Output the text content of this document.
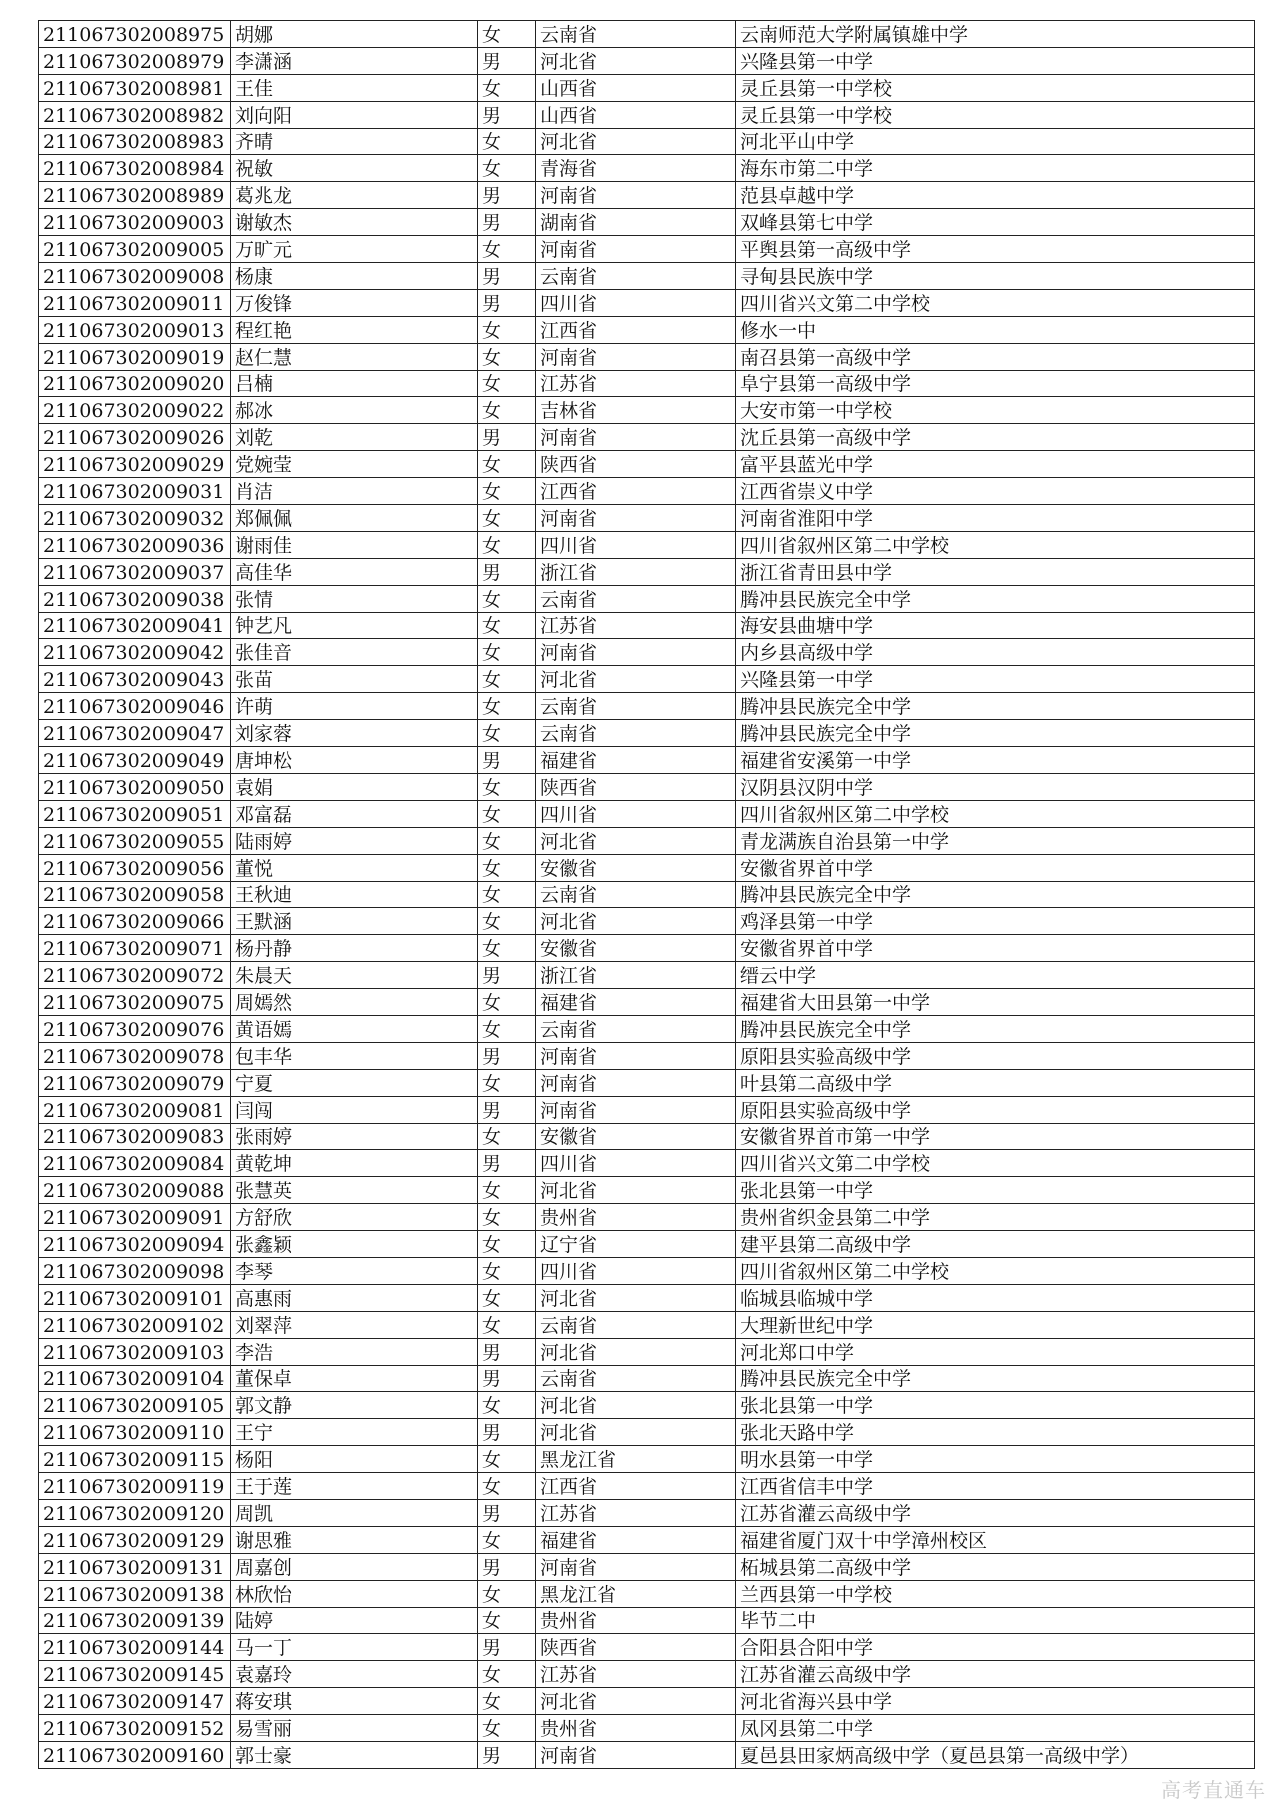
211067302008975	胡娜	女	云南省	云南师范大学附属镇雄中学
211067302008979	李潇涵	男	河北省	兴隆县第一中学
211067302008981	王佳	女	山西省	灵丘县第一中学校
211067302008982	刘向阳	男	山西省	灵丘县第一中学校
211067302008983	齐晴	女	河北省	河北平山中学
211067302008984	祝敏	女	青海省	海东市第二中学
211067302008989	葛兆龙	男	河南省	范县卓越中学
211067302009003	谢敏杰	男	湖南省	双峰县第七中学
211067302009005	万旷元	女	河南省	平舆县第一高级中学
211067302009008	杨康	男	云南省	寻甸县民族中学
211067302009011	万俊锋	男	四川省	四川省兴文第二中学校
211067302009013	程红艳	女	江西省	修水一中
211067302009019	赵仁慧	女	河南省	南召县第一高级中学
211067302009020	吕楠	女	江苏省	阜宁县第一高级中学
211067302009022	郝冰	女	吉林省	大安市第一中学校
211067302009026	刘乾	男	河南省	沈丘县第一高级中学
211067302009029	党婉莹	女	陕西省	富平县蓝光中学
211067302009031	肖洁	女	江西省	江西省崇义中学
211067302009032	郑佩佩	女	河南省	河南省淮阳中学
211067302009036	谢雨佳	女	四川省	四川省叙州区第二中学校
211067302009037	高佳华	男	浙江省	浙江省青田县中学
211067302009038	张情	女	云南省	腾冲县民族完全中学
211067302009041	钟艺凡	女	江苏省	海安县曲塘中学
211067302009042	张佳音	女	河南省	内乡县高级中学
211067302009043	张苗	女	河北省	兴隆县第一中学
211067302009046	许萌	女	云南省	腾冲县民族完全中学
211067302009047	刘家蓉	女	云南省	腾冲县民族完全中学
211067302009049	唐坤松	男	福建省	福建省安溪第一中学
211067302009050	袁娟	女	陕西省	汉阴县汉阴中学
211067302009051	邓富磊	女	四川省	四川省叙州区第二中学校
211067302009055	陆雨婷	女	河北省	青龙满族自治县第一中学
211067302009056	董悦	女	安徽省	安徽省界首中学
211067302009058	王秋迪	女	云南省	腾冲县民族完全中学
211067302009066	王默涵	女	河北省	鸡泽县第一中学
211067302009071	杨丹静	女	安徽省	安徽省界首中学
211067302009072	朱晨天	男	浙江省	缙云中学
211067302009075	周嫣然	女	福建省	福建省大田县第一中学
211067302009076	黄语嫣	女	云南省	腾冲县民族完全中学
211067302009078	包丰华	男	河南省	原阳县实验高级中学
211067302009079	宁夏	女	河南省	叶县第二高级中学
211067302009081	闫闯	男	河南省	原阳县实验高级中学
211067302009083	张雨婷	女	安徽省	安徽省界首市第一中学
211067302009084	黄乾坤	男	四川省	四川省兴文第二中学校
211067302009088	张慧英	女	河北省	张北县第一中学
211067302009091	方舒欣	女	贵州省	贵州省织金县第二中学
211067302009094	张鑫颖	女	辽宁省	建平县第二高级中学
211067302009098	李琴	女	四川省	四川省叙州区第二中学校
211067302009101	高惠雨	女	河北省	临城县临城中学
211067302009102	刘翠萍	女	云南省	大理新世纪中学
211067302009103	李浩	男	河北省	河北郑口中学
211067302009104	董保卓	男	云南省	腾冲县民族完全中学
211067302009105	郭文静	女	河北省	张北县第一中学
211067302009110	王宁	男	河北省	张北天路中学
211067302009115	杨阳	女	黑龙江省	明水县第一中学
211067302009119	王于莲	女	江西省	江西省信丰中学
211067302009120	周凯	男	江苏省	江苏省灌云高级中学
211067302009129	谢思雅	女	福建省	福建省厦门双十中学漳州校区
211067302009131	周嘉创	男	河南省	柘城县第二高级中学
211067302009138	林欣怡	女	黑龙江省	兰西县第一中学校
211067302009139	陆婷	女	贵州省	毕节二中
211067302009144	马一丁	男	陕西省	合阳县合阳中学
211067302009145	袁嘉玲	女	江苏省	江苏省灌云高级中学
211067302009147	蒋安琪	女	河北省	河北省海兴县中学
211067302009152	易雪丽	女	贵州省	凤冈县第二中学
211067302009160	郭士豪	男	河南省	夏邑县田家炳高级中学（夏邑县第一高级中学）
高考直通车
